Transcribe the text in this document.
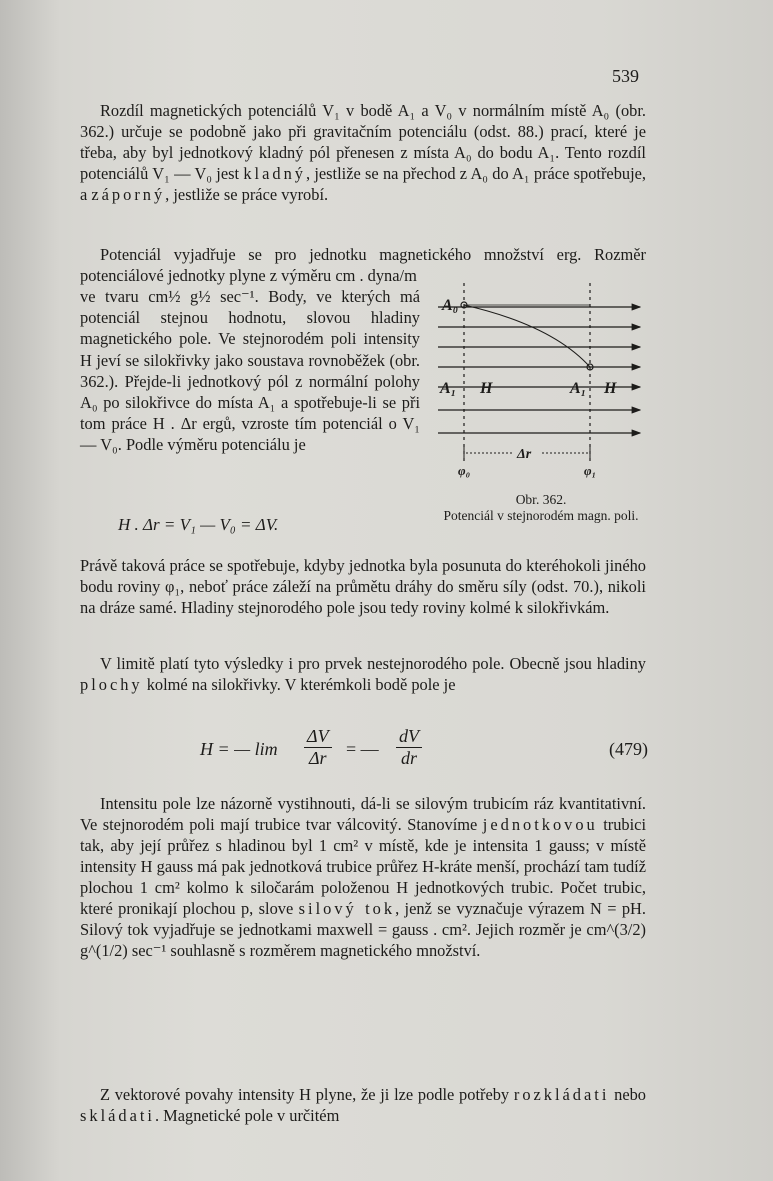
539

Rozdíl magnetických potenciálů V₁ v bodě A₁ a V₀ v normálním místě A₀ (obr. 362.) určuje se podobně jako při gravitačním potenciálu (odst. 88.) prací, které je třeba, aby byl jednotkový kladný pól přenesen z místa A₀ do bodu A₁. Tento rozdíl potenciálů V₁ — V₀ jest kladný, jestliže se na přechod z A₀ do A₁ práce spotřebuje, a záporný, jestliže se práce vyrobí.

Potenciál vyjadřuje se pro jednotku magnetického množství erg. Rozměr potenciálové jednotky plyne z výměru cm . dyna/m

ve tvaru cm½ g½ sec⁻¹. Body, ve kterých má potenciál stejnou hodnotu, slovou hladiny magnetického pole. Ve stejnorodém poli intensity H jeví se silokřivky jako soustava rovnoběžek (obr. 362.). Přejde-li jednotkový pól z normální polohy A₀ po silokřivce do místa A₁ a spotřebuje-li se při tom práce H . Δr ergů, vzroste tím potenciál o V₁ — V₀. Podle výměru potenciálu je

H . Δr = V₁ — V₀ = ΔV.
A₀
A₁ H	A₁ H
φ₀
Δr
φ₁
Obr. 362.
Potenciál v stejnorodém magn. poli.

Právě taková práce se spotřebuje, kdyby jednotka byla posunuta do kteréhokoli jiného bodu roviny φ₁, neboť práce záleží na průmětu dráhy do směru síly (odst. 70.), nikoli na dráze samé. Hladiny stejnorodého pole jsou tedy roviny kolmé k silokřivkám.

V limitě platí tyto výsledky i pro prvek nestejnorodého pole. Obecně jsou hladiny plochy kolmé na silokřivky. V kterémkoli bodě pole je

H = — $\lim \frac{\Delta V}{\Delta r}$ = — $\frac{dV}{dr}$	(479)

Intensitu pole lze názorně vystihnouti, dá-li se silovým trubicím ráz kvantitativní. Ve stejnorodém poli mají trubice tvar válcovitý. Stanovíme jednotkovou trubici tak, aby její průřez s hladinou byl 1 cm² v místě, kde je intensita 1 gauss; v místě intensity H gauss má pak jednotková trubice průřez H-kráte menší, prochází tam tudíž plochou 1 cm² kolmo k siločarám položenou H jednotkových trubic. Počet trubic, které pronikají plochou p, slove silový tok, jenž se vyznačuje výrazem N = pH. Silový tok vyjadřuje se jednotkami maxwell = gauss . cm². Jejich rozměr je cm^(3/2) g^(1/2) sec⁻¹ souhlasně s rozměrem magnetického množství.

Z vektorové povahy intensity H plyne, že ji lze podle potřeby rozkládati nebo skládati. Magnetické pole v určitém
